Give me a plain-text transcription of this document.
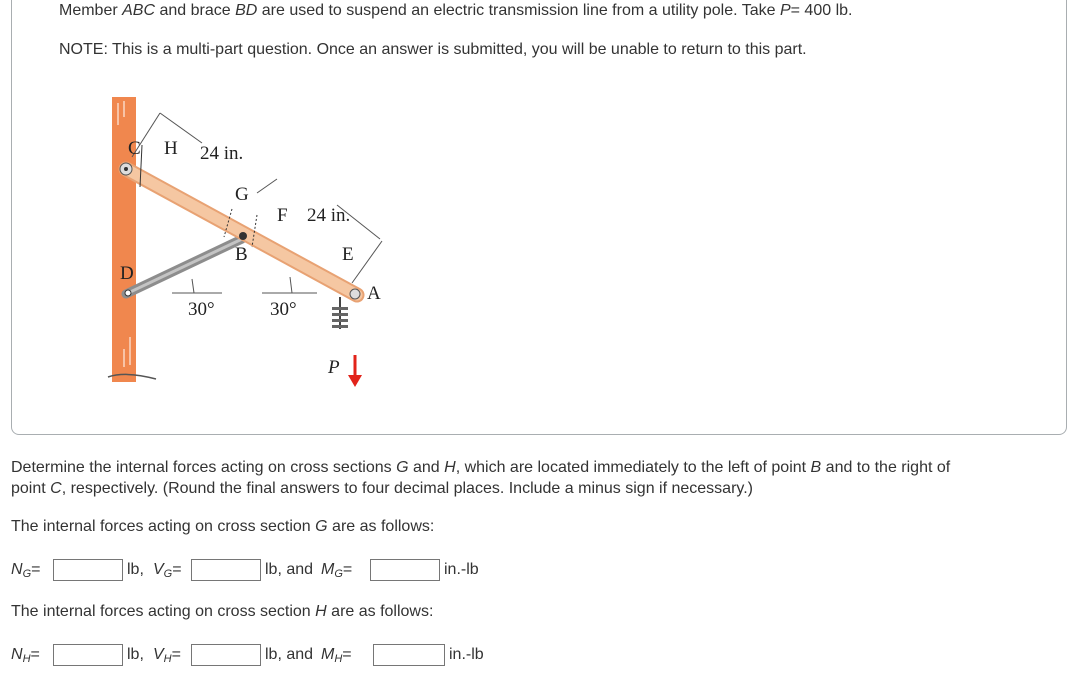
Member ABC and brace BD are used to suspend an electric transmission line from a utility pole. Take P= 400 lb.
NOTE: This is a multi-part question. Once an answer is submitted, you will be unable to return to this part.
C H 24 in.
G
F 24 in.
E
B
D
A
30°	30°
P
Determine the internal forces acting on cross sections G and H, which are located immediately to the left of point B and to the right of
point C, respectively. (Round the final answers to four decimal places. Include a minus sign if necessary.)
The internal forces acting on cross section G are as follows:
$N_G=$	lb, $V_G=$	lb, and $M_G=$	in.-lb
The internal forces acting on cross section H are as follows:
$N_H=$	lb, $V_H=$	lb, and $M_H=$	in.-lb
